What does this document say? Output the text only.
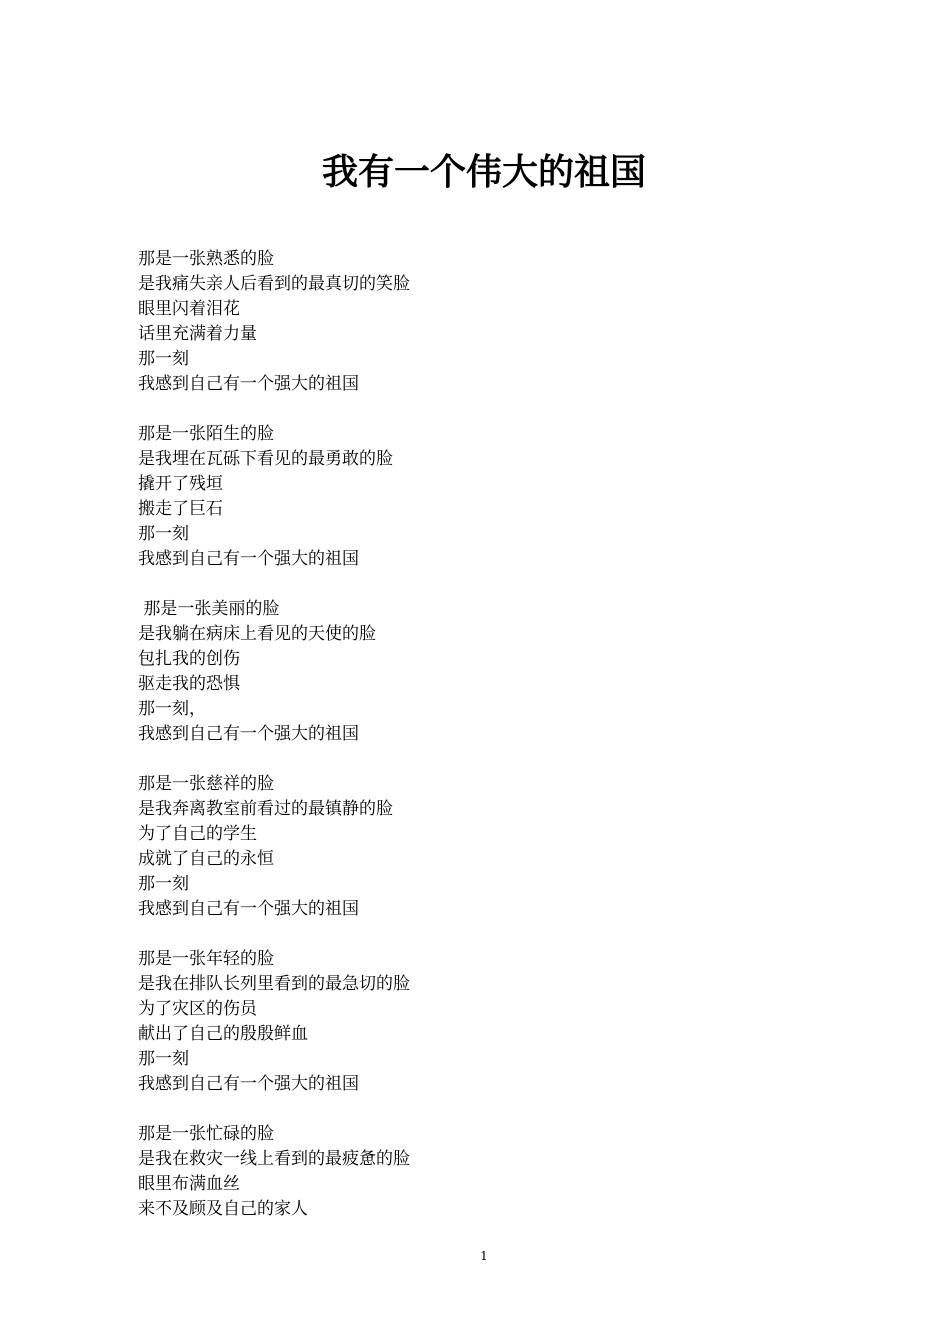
我有一个伟大的祖国
那是一张熟悉的脸
是我痛失亲人后看到的最真切的笑脸
眼里闪着泪花
话里充满着力量
那一刻
我感到自己有一个强大的祖国
那是一张陌生的脸
是我埋在瓦砾下看见的最勇敢的脸
撬开了残垣
搬走了巨石
那一刻
我感到自己有一个强大的祖国
那是一张美丽的脸
是我躺在病床上看见的天使的脸
包扎我的创伤
驱走我的恐惧
那一刻，
我感到自己有一个强大的祖国
那是一张慈祥的脸
是我奔离教室前看过的最镇静的脸
为了自己的学生
成就了自己的永恒
那一刻
我感到自己有一个强大的祖国
那是一张年轻的脸
是我在排队长列里看到的最急切的脸
为了灾区的伤员
献出了自己的殷殷鲜血
那一刻
我感到自己有一个强大的祖国
那是一张忙碌的脸
是我在救灾一线上看到的最疲惫的脸
眼里布满血丝
来不及顾及自己的家人
1
